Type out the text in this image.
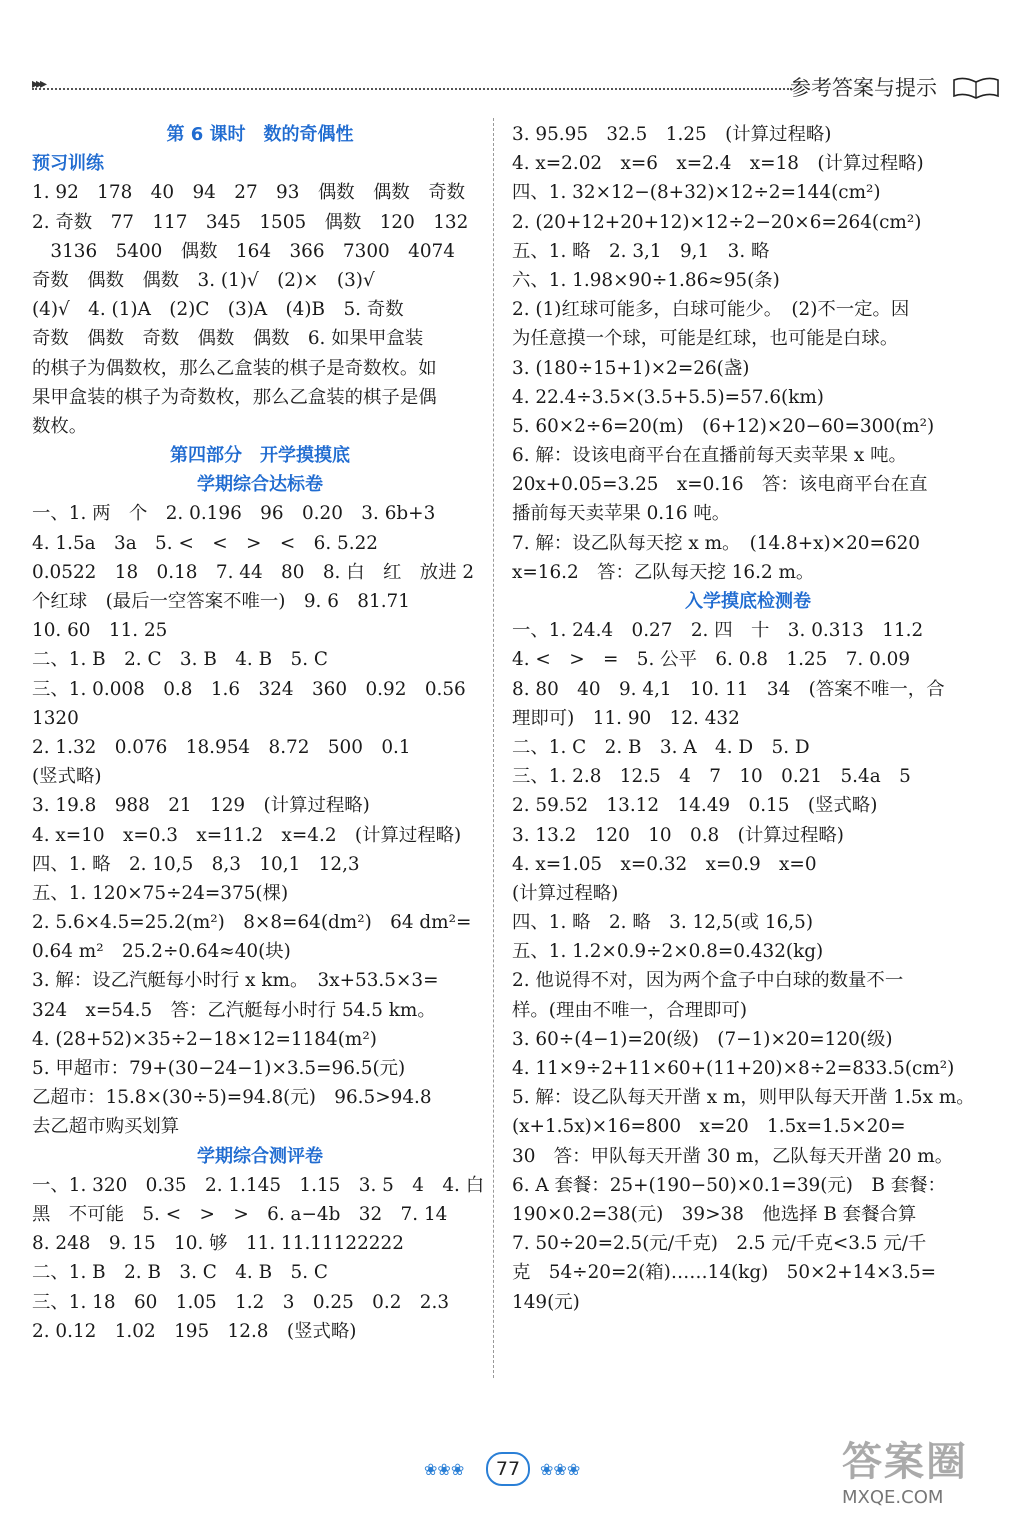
▸▸▸	参考答案与提示
第 6 课时　数的奇偶性
预习训练
1. 92　178　40　94　27　93　偶数　偶数　奇数
2. 奇数　77　117　345　1505　偶数　120　132
　3136　5400　偶数　164　366　7300　4074
奇数　偶数　偶数　3. (1)√　(2)×　(3)√
(4)√　4. (1)A　(2)C　(3)A　(4)B　5. 奇数
奇数　偶数　奇数　偶数　偶数　6. 如果甲盒装
的棋子为偶数枚，那么乙盒装的棋子是奇数枚。如
果甲盒装的棋子为奇数枚，那么乙盒装的棋子是偶
数枚。
第四部分　开学摸摸底
学期综合达标卷
一、1. 两　个　2. 0.196　96　0.20　3. 6b+3
4. 1.5a　3a　5. <　<　>　<　6. 5.22
0.0522　18　0.18　7. 44　80　8. 白　红　放进 2
个红球　(最后一空答案不唯一)　9. 6　81.71
10. 60　11. 25
二、1. B　2. C　3. B　4. B　5. C
三、1. 0.008　0.8　1.6　324　360　0.92　0.56
1320
2. 1.32　0.076　18.954　8.72　500　0.1
(竖式略)
3. 19.8　988　21　129　(计算过程略)
4. x=10　x=0.3　x=11.2　x=4.2　(计算过程略)
四、1. 略　2. 10,5　8,3　10,1　12,3
五、1. 120×75÷24=375(棵)
2. 5.6×4.5=25.2(m²)　8×8=64(dm²)　64 dm²=
0.64 m²　25.2÷0.64≈40(块)
3. 解：设乙汽艇每小时行 x km。　3x+53.5×3=
324　x=54.5　答：乙汽艇每小时行 54.5 km。
4. (28+52)×35÷2−18×12=1184(m²)
5. 甲超市：79+(30−24−1)×3.5=96.5(元)
乙超市：15.8×(30÷5)=94.8(元)　96.5>94.8
去乙超市购买划算
学期综合测评卷
一、1. 320　0.35　2. 1.145　1.15　3. 5　4　4. 白
黑　不可能　5. <　>　>　6. a−4b　32　7. 14
8. 248　9. 15　10. 够　11. 11.11122222
二、1. B　2. B　3. C　4. B　5. C
三、1. 18　60　1.05　1.2　3　0.25　0.2　2.3
2. 0.12　1.02　195　12.8　(竖式略)
3. 95.95　32.5　1.25　(计算过程略)
4. x=2.02　x=6　x=2.4　x=18　(计算过程略)
四、1. 32×12−(8+32)×12÷2=144(cm²)
2. (20+12+20+12)×12÷2−20×6=264(cm²)
五、1. 略　2. 3,1　9,1　3. 略
六、1. 1.98×90÷1.86≈95(条)
2. (1)红球可能多，白球可能少。　(2)不一定。因
为任意摸一个球，可能是红球，也可能是白球。
3. (180÷15+1)×2=26(盏)
4. 22.4÷3.5×(3.5+5.5)=57.6(km)
5. 60×2÷6=20(m)　(6+12)×20−60=300(m²)
6. 解：设该电商平台在直播前每天卖苹果 x 吨。
20x+0.05=3.25　x=0.16　答：该电商平台在直
播前每天卖苹果 0.16 吨。
7. 解：设乙队每天挖 x m。　(14.8+x)×20=620
x=16.2　答：乙队每天挖 16.2 m。
入学摸底检测卷
一、1. 24.4　0.27　2. 四　十　3. 0.313　11.2
4. <　>　=　5. 公平　6. 0.8　1.25　7. 0.09
8. 80　40　9. 4,1　10. 11　34　(答案不唯一，合
理即可)　11. 90　12. 432
二、1. C　2. B　3. A　4. D　5. D
三、1. 2.8　12.5　4　7　10　0.21　5.4a　5
2. 59.52　13.12　14.49　0.15　(竖式略)
3. 13.2　120　10　0.8　(计算过程略)
4. x=1.05　x=0.32　x=0.9　x=0
(计算过程略)
四、1. 略　2. 略　3. 12,5(或 16,5)
五、1. 1.2×0.9÷2×0.8=0.432(kg)
2. 他说得不对，因为两个盒子中白球的数量不一
样。(理由不唯一，合理即可)
3. 60÷(4−1)=20(级)　(7−1)×20=120(级)
4. 11×9÷2+11×60+(11+20)×8÷2=833.5(cm²)
5. 解：设乙队每天开凿 x m，则甲队每天开凿 1.5x m。
(x+1.5x)×16=800　x=20　1.5x=1.5×20=
30　答：甲队每天开凿 30 m，乙队每天开凿 20 m。
6. A 套餐：25+(190−50)×0.1=39(元)　B 套餐：
190×0.2=38(元)　39>38　他选择 B 套餐合算
7. 50÷20=2.5(元/千克)　2.5 元/千克<3.5 元/千
克　54÷20=2(箱)……14(kg)　50×2+14×3.5=
149(元)
❀❀❀	77	❀❀❀	答案圈
MXQE.COM
